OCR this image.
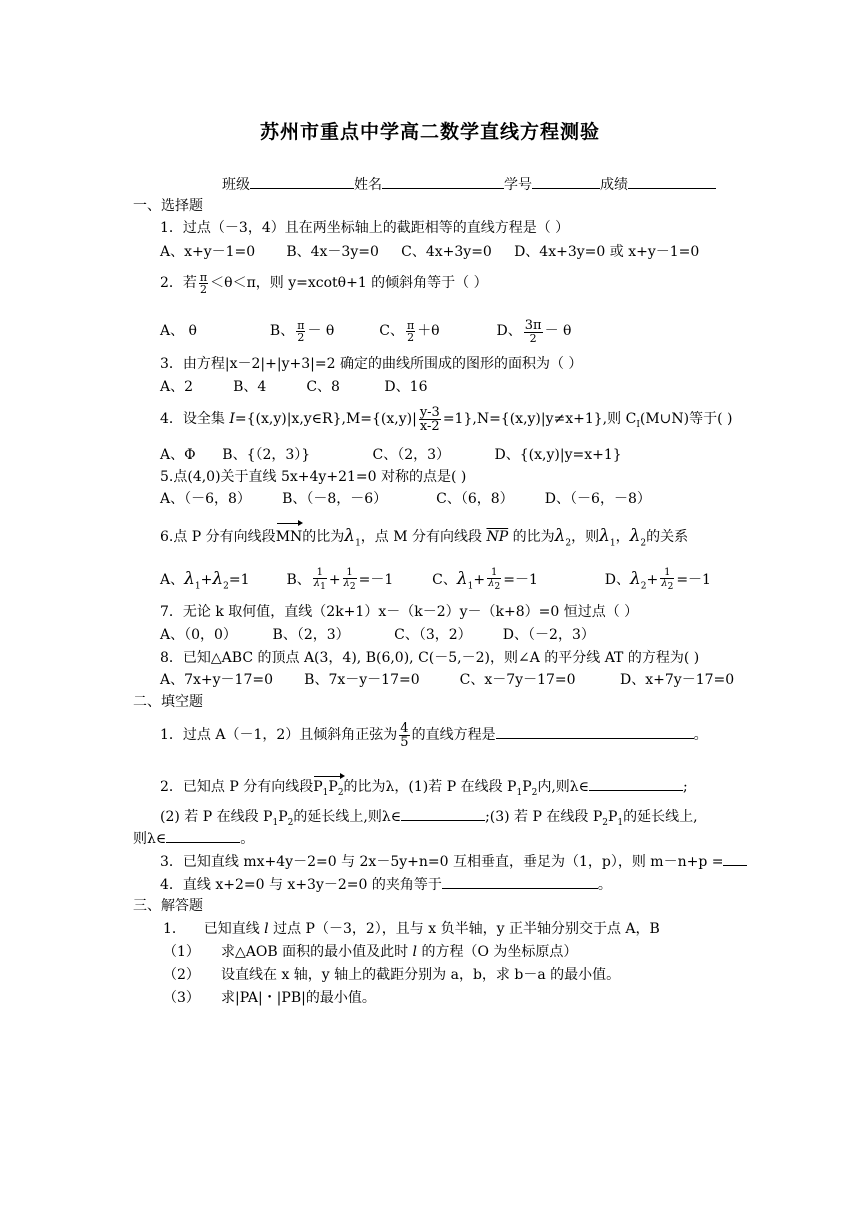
苏州市重点中学高二数学直线方程测验
班级	姓名	学号	成绩
一、选择题
1．过点（－3，4）且在两坐标轴上的截距相等的直线方程是（ ）
A、x+y－1=0       B、4x－3y=0     C、4x+3y=0     D、4x+3y=0 或 x+y－1=0
2．若 $\frac{\pi}{2} <\theta<\pi$，则 y=xcotθ+1 的倾斜角等于（ ）
A、 θ	B、 $\frac{\pi}{2} - \theta$	C、 $\frac{\pi}{2} +\theta$	D、 $\frac{3\pi}{2} - \theta$
3．由方程|x－2|+|y+3|=2 确定的曲线所围成的图形的面积为（ ）
A、2         B、4         C、8          D、16
4．设全集 I={(x,y)|x,y∈R},M={(x,y)| $\frac{y-3}{x-2} =1\},N=\{(x,y)|y\ne x+1\}$,则 $C_I(M\cup N)$等于( )
A、Φ      B、{（2，3）}              C、（2，3）          D、{(x,y)|y=x+1}
5.点(4,0)关于直线 5x+4y+21=0 对称的点是( )
A、（－6，8）       B、（－8，－6）           C、（6，8）       D、（－6，－8）
6.点 P 分有向线段MN的比为$\lambda_1$，点 M 分有向线段 $\overline{NP}$ 的比为$\lambda_2$，则$\lambda_1$，$\lambda_2$的关系
A、$\lambda_1+\lambda_2=1$	B、 $\frac{1}{\lambda_1} + \frac{1}{\lambda_2} =-1$	C、$\lambda_1+ \frac{1}{\lambda_2} =-1$	D、$\lambda_2+ \frac{1}{\lambda_2} =-1$
7．无论 k 取何值，直线（2k+1）x－（k－2）y－（k+8）=0 恒过点（ ）
A、（0，0）        B、（2，3）          C、（3，2）       D、（－2，3）
8．已知△ABC 的顶点 A(3，4), B(6,0), C(－5,－2)，则∠A 的平分线 AT 的方程为( )
A、7x+y－17=0       B、7x－y－17=0         C、x－7y－17=0          D、x+7y－17=0
二、填空题
1．过点 A（－1，2）且倾斜角正弦为 $\frac{4}{5}$ 的直线方程是	。
2．已知点 P 分有向线段$P_1P_2$的比为λ，(1)若 P 在线段 $P_1P_2$内,则λ∈	;
(2) 若 P 在线段 $P_1P_2$的延长线上,则λ∈	;(3) 若 P 在线段 $P_2P_1$的延长线上,
则λ∈	。
3．已知直线 mx+4y－2=0 与 2x－5y+n=0 互相垂直，垂足为（1，p），则 m－n+p =
4．直线 x+2=0 与 x+3y－2=0 的夹角等于	。
三、解答题
1．    已知直线 l 过点 P（－3，2），且与 x 负半轴，y 正半轴分别交于点 A，B
（1） 求△AOB 面积的最小值及此时 l 的方程（O 为坐标原点）
（2） 设直线在 x 轴，y 轴上的截距分别为 a，b，求 b－a 的最小值。
（3） 求|PA|・|PB|的最小值。
